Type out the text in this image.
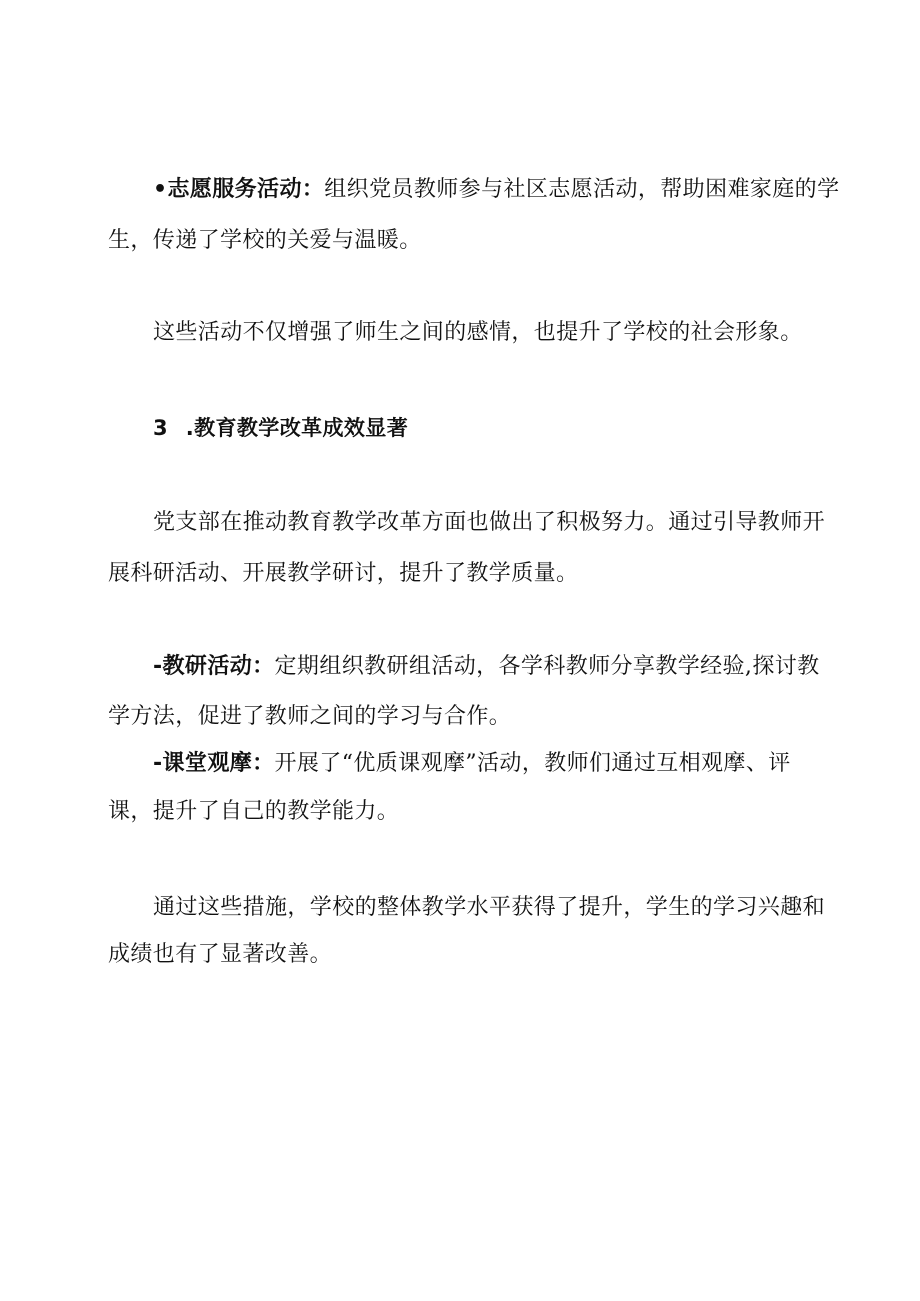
•志愿服务活动：组织党员教师参与社区志愿活动，帮助困难家庭的学
生，传递了学校的关爱与温暖。
这些活动不仅增强了师生之间的感情，也提升了学校的社会形象。
3 .教育教学改革成效显著
党支部在推动教育教学改革方面也做出了积极努力。通过引导教师开
展科研活动、开展教学研讨，提升了教学质量。
-教研活动：定期组织教研组活动，各学科教师分享教学经验,探讨教
学方法，促进了教师之间的学习与合作。
-课堂观摩：开展了“优质课观摩”活动，教师们通过互相观摩、评
课，提升了自己的教学能力。
通过这些措施，学校的整体教学水平获得了提升，学生的学习兴趣和
成绩也有了显著改善。
